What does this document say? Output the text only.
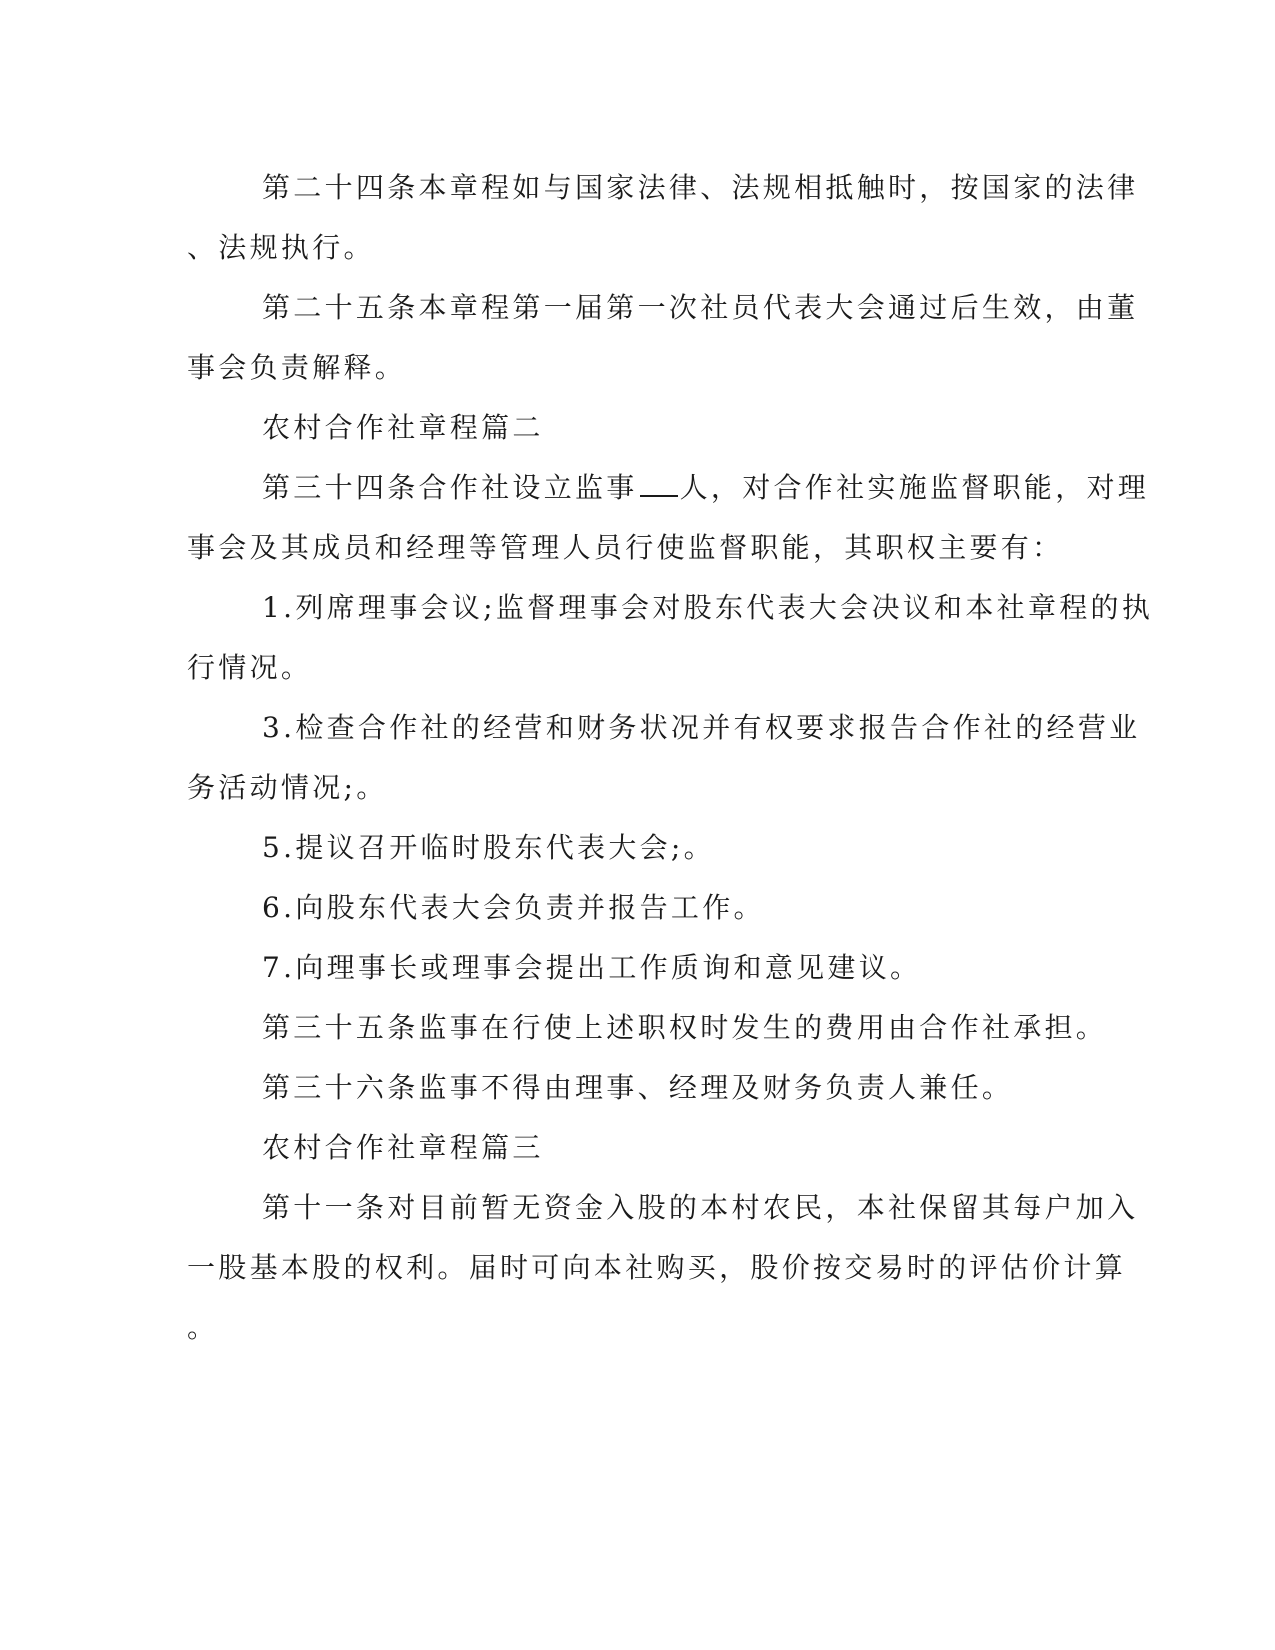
第二十四条本章程如与国家法律、法规相抵触时，按国家的法律
、法规执行。
第二十五条本章程第一届第一次社员代表大会通过后生效，由董
事会负责解释。
农村合作社章程篇二
第三十四条合作社设立监事 人，对合作社实施监督职能，对理
事会及其成员和经理等管理人员行使监督职能，其职权主要有：
1.列席理事会议;监督理事会对股东代表大会决议和本社章程的执
行情况。
3.检查合作社的经营和财务状况并有权要求报告合作社的经营业
务活动情况;。
5.提议召开临时股东代表大会;。
6.向股东代表大会负责并报告工作。
7.向理事长或理事会提出工作质询和意见建议。
第三十五条监事在行使上述职权时发生的费用由合作社承担。
第三十六条监事不得由理事、经理及财务负责人兼任。
农村合作社章程篇三
第十一条对目前暂无资金入股的本村农民，本社保留其每户加入
一股基本股的权利。届时可向本社购买，股价按交易时的评估价计算
。
